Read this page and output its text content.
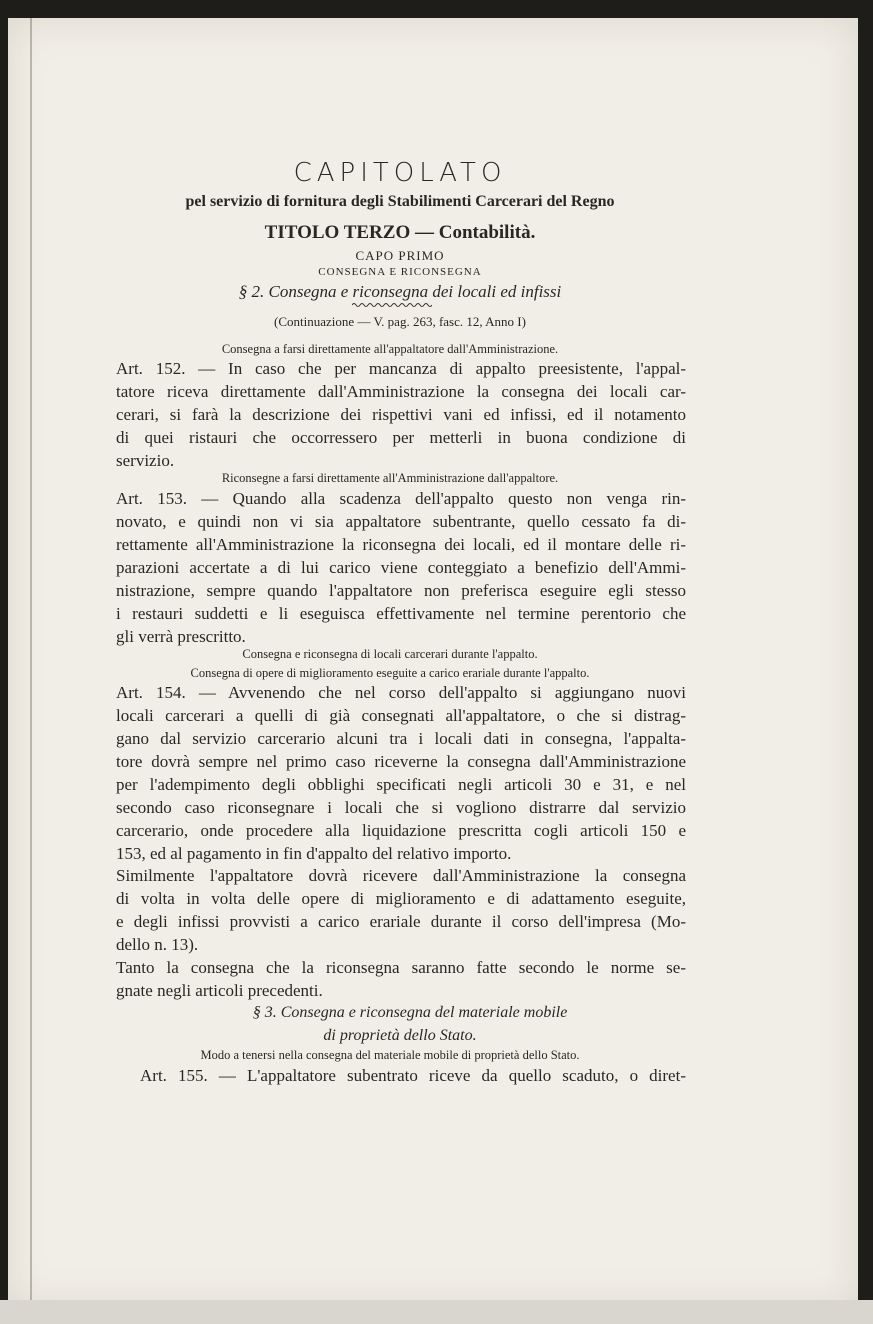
CAPITOLATO
pel servizio di fornitura degli Stabilimenti Carcerari del Regno
TITOLO TERZO — Contabilità.
CAPO PRIMO
CONSEGNA E RICONSEGNA
§ 2. Consegna e riconsegna dei locali ed infissi
(Continuazione — V. pag. 263, fasc. 12, Anno I)
Consegna a farsi direttamente all'appaltatore dall'Amministrazione.
Art. 152. — In caso che per mancanza di appalto preesistente, l'appal-
tatore riceva direttamente dall'Amministrazione la consegna dei locali car-
cerari, si farà la descrizione dei rispettivi vani ed infissi, ed il notamento
di quei ristauri che occorressero per metterli in buona condizione di
servizio.
Riconsegne a farsi direttamente all'Amministrazione dall'appaltore.
Art. 153. — Quando alla scadenza dell'appalto questo non venga rin-
novato, e quindi non vi sia appaltatore subentrante, quello cessato fa di-
rettamente all'Amministrazione la riconsegna dei locali, ed il montare delle ri-
parazioni accertate a di lui carico viene conteggiato a benefizio dell'Ammi-
nistrazione, sempre quando l'appaltatore non preferisca eseguire egli stesso
i restauri suddetti e li eseguisca effettivamente nel termine perentorio che
gli verrà prescritto.
Consegna e riconsegna di locali carcerari durante l'appalto.
Consegna di opere di miglioramento eseguite a carico erariale durante l'appalto.
Art. 154. — Avvenendo che nel corso dell'appalto si aggiungano nuovi
locali carcerari a quelli di già consegnati all'appaltatore, o che si distrag-
gano dal servizio carcerario alcuni tra i locali dati in consegna, l'appalta-
tore dovrà sempre nel primo caso riceverne la consegna dall'Amministrazione
per l'adempimento degli obblighi specificati negli articoli 30 e 31, e nel
secondo caso riconsegnare i locali che si vogliono distrarre dal servizio
carcerario, onde procedere alla liquidazione prescritta cogli articoli 150 e
153, ed al pagamento in fin d'appalto del relativo importo.
Similmente l'appaltatore dovrà ricevere dall'Amministrazione la consegna
di volta in volta delle opere di miglioramento e di adattamento eseguite,
e degli infissi provvisti a carico erariale durante il corso dell'impresa (Mo-
dello n. 13).
Tanto la consegna che la riconsegna saranno fatte secondo le norme se-
gnate negli articoli precedenti.
§ 3. Consegna e riconsegna del materiale mobile
di proprietà dello Stato.
Modo a tenersi nella consegna del materiale mobile di proprietà dello Stato.
Art. 155. — L'appaltatore subentrato riceve da quello scaduto, o diret-
